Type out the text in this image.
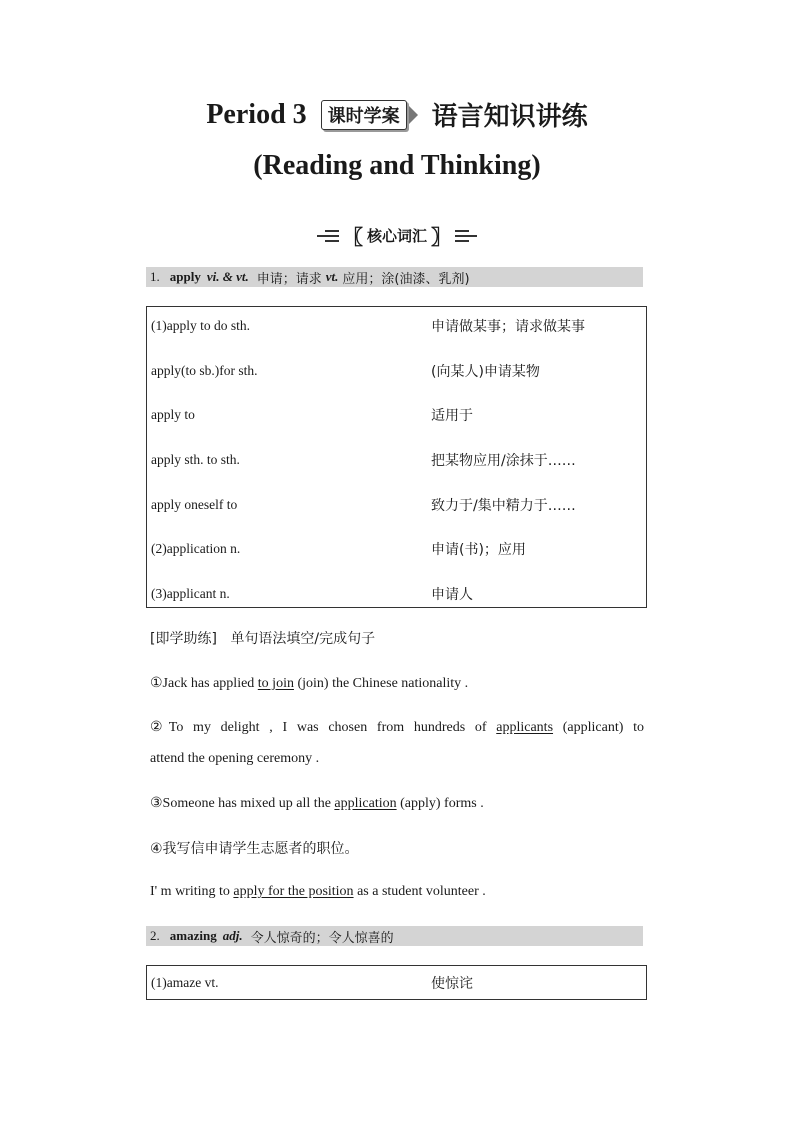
Period 3	课时学案 语言知识讲练
(Reading and Thinking)
〖 核心词汇 〗
1. apply vi. & vt. 申请；请求 vt. 应用；涂(油漆、乳剂)
(1)apply to do sth.	申请做某事；请求做某事
apply(to sb.)for sth.	(向某人)申请某物
apply to	适用于
apply sth. to sth.	把某物应用/涂抹于……
apply oneself to	致力于/集中精力于……
(2)application n.	申请(书)；应用
(3)applicant n.	申请人
[即学助练] 单句语法填空/完成句子
①Jack has applied to join (join) the Chinese nationality .
②To my delight , I was chosen from hundreds of applicants (applicant) to
attend the opening ceremony .
③Someone has mixed up all the application (apply) forms .
④我写信申请学生志愿者的职位。
I' m writing to apply for the position as a student volunteer .
2. amazing adj. 令人惊奇的；令人惊喜的
(1)amaze vt.	使惊诧
